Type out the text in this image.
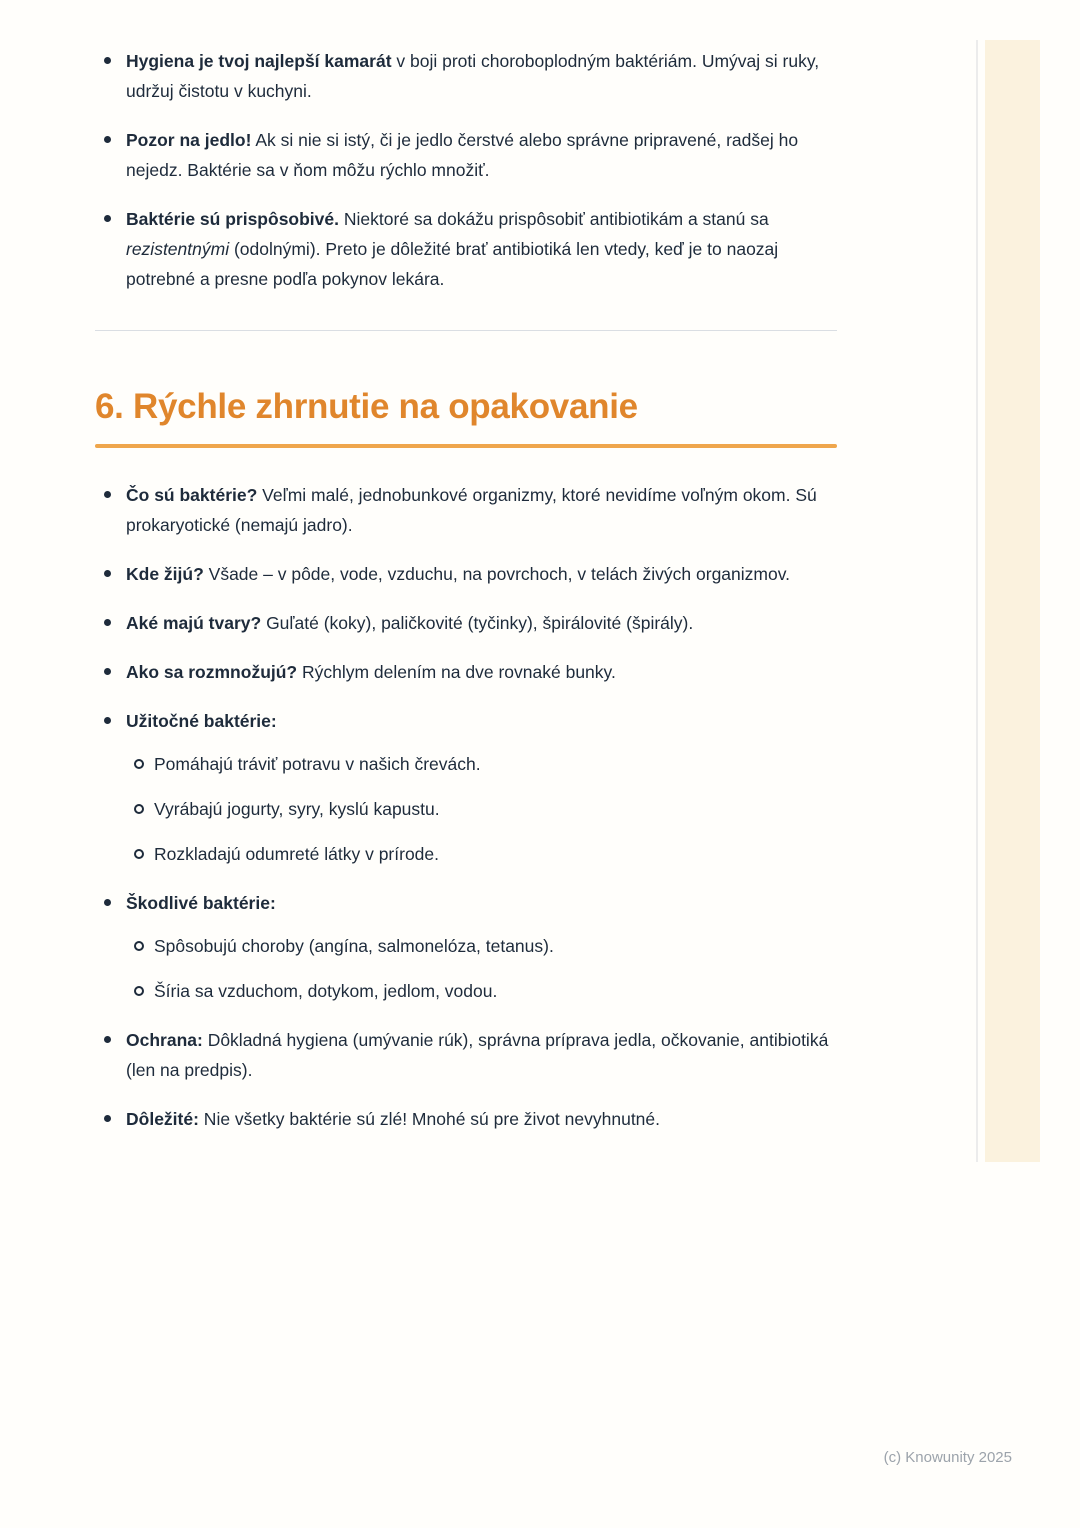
Hygiena je tvoj najlepší kamarát v boji proti choroboplodným baktériám. Umývaj si ruky, udržuj čistotu v kuchyni.
Pozor na jedlo! Ak si nie si istý, či je jedlo čerstvé alebo správne pripravené, radšej ho nejedz. Baktérie sa v ňom môžu rýchlo množiť.
Baktérie sú prispôsobivé. Niektoré sa dokážu prispôsobiť antibiotikám a stanú sa rezistentnými (odolnými). Preto je dôležité brať antibiotiká len vtedy, keď je to naozaj potrebné a presne podľa pokynov lekára.
6. Rýchle zhrnutie na opakovanie
Čo sú baktérie? Veľmi malé, jednobunkové organizmy, ktoré nevidíme voľným okom. Sú prokaryotické (nemajú jadro).
Kde žijú? Všade – v pôde, vode, vzduchu, na povrchoch, v telách živých organizmov.
Aké majú tvary? Guľaté (koky), paličkovité (tyčinky), špirálovité (špirály).
Ako sa rozmnožujú? Rýchlym delením na dve rovnaké bunky.
Užitočné baktérie:
Pomáhajú tráviť potravu v našich črevách.
Vyrábajú jogurty, syry, kyslú kapustu.
Rozkladajú odumreté látky v prírode.
Škodlivé baktérie:
Spôsobujú choroby (angína, salmonelóza, tetanus).
Šíria sa vzduchom, dotykom, jedlom, vodou.
Ochrana: Dôkladná hygiena (umývanie rúk), správna príprava jedla, očkovanie, antibiotiká (len na predpis).
Dôležité: Nie všetky baktérie sú zlé! Mnohé sú pre život nevyhnutné.
(c) Knowunity 2025
